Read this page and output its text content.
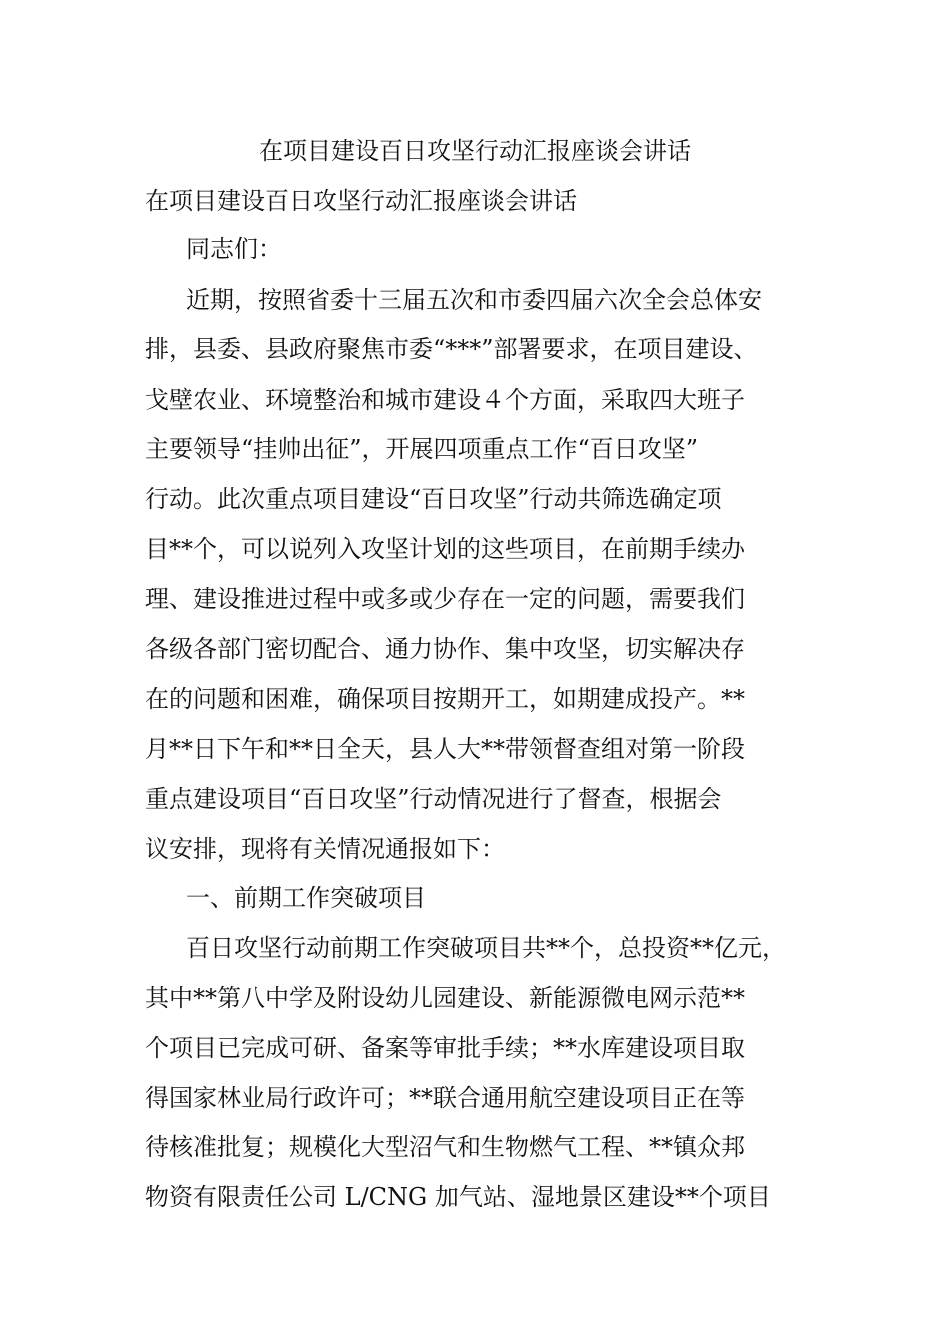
在项目建设百日攻坚行动汇报座谈会讲话
在项目建设百日攻坚行动汇报座谈会讲话
同志们：
近期，按照省委十三届五次和市委四届六次全会总体安
排，县委、县政府聚焦市委“***”部署要求，在项目建设、
戈壁农业、环境整治和城市建设４个方面，采取四大班子
主要领导“挂帅出征”，开展四项重点工作“百日攻坚”
行动。此次重点项目建设“百日攻坚”行动共筛选确定项
目**个，可以说列入攻坚计划的这些项目，在前期手续办
理、建设推进过程中或多或少存在一定的问题，需要我们
各级各部门密切配合、通力协作、集中攻坚，切实解决存
在的问题和困难，确保项目按期开工，如期建成投产。**
月**日下午和**日全天，县人大**带领督查组对第一阶段
重点建设项目“百日攻坚”行动情况进行了督查，根据会
议安排，现将有关情况通报如下：
一、前期工作突破项目
百日攻坚行动前期工作突破项目共**个，总投资**亿元，
其中**第八中学及附设幼儿园建设、新能源微电网示范**
个项目已完成可研、备案等审批手续；**水库建设项目取
得国家林业局行政许可；**联合通用航空建设项目正在等
待核准批复；规模化大型沼气和生物燃气工程、**镇众邦
物资有限责任公司 L/CNG 加气站、湿地景区建设**个项目
